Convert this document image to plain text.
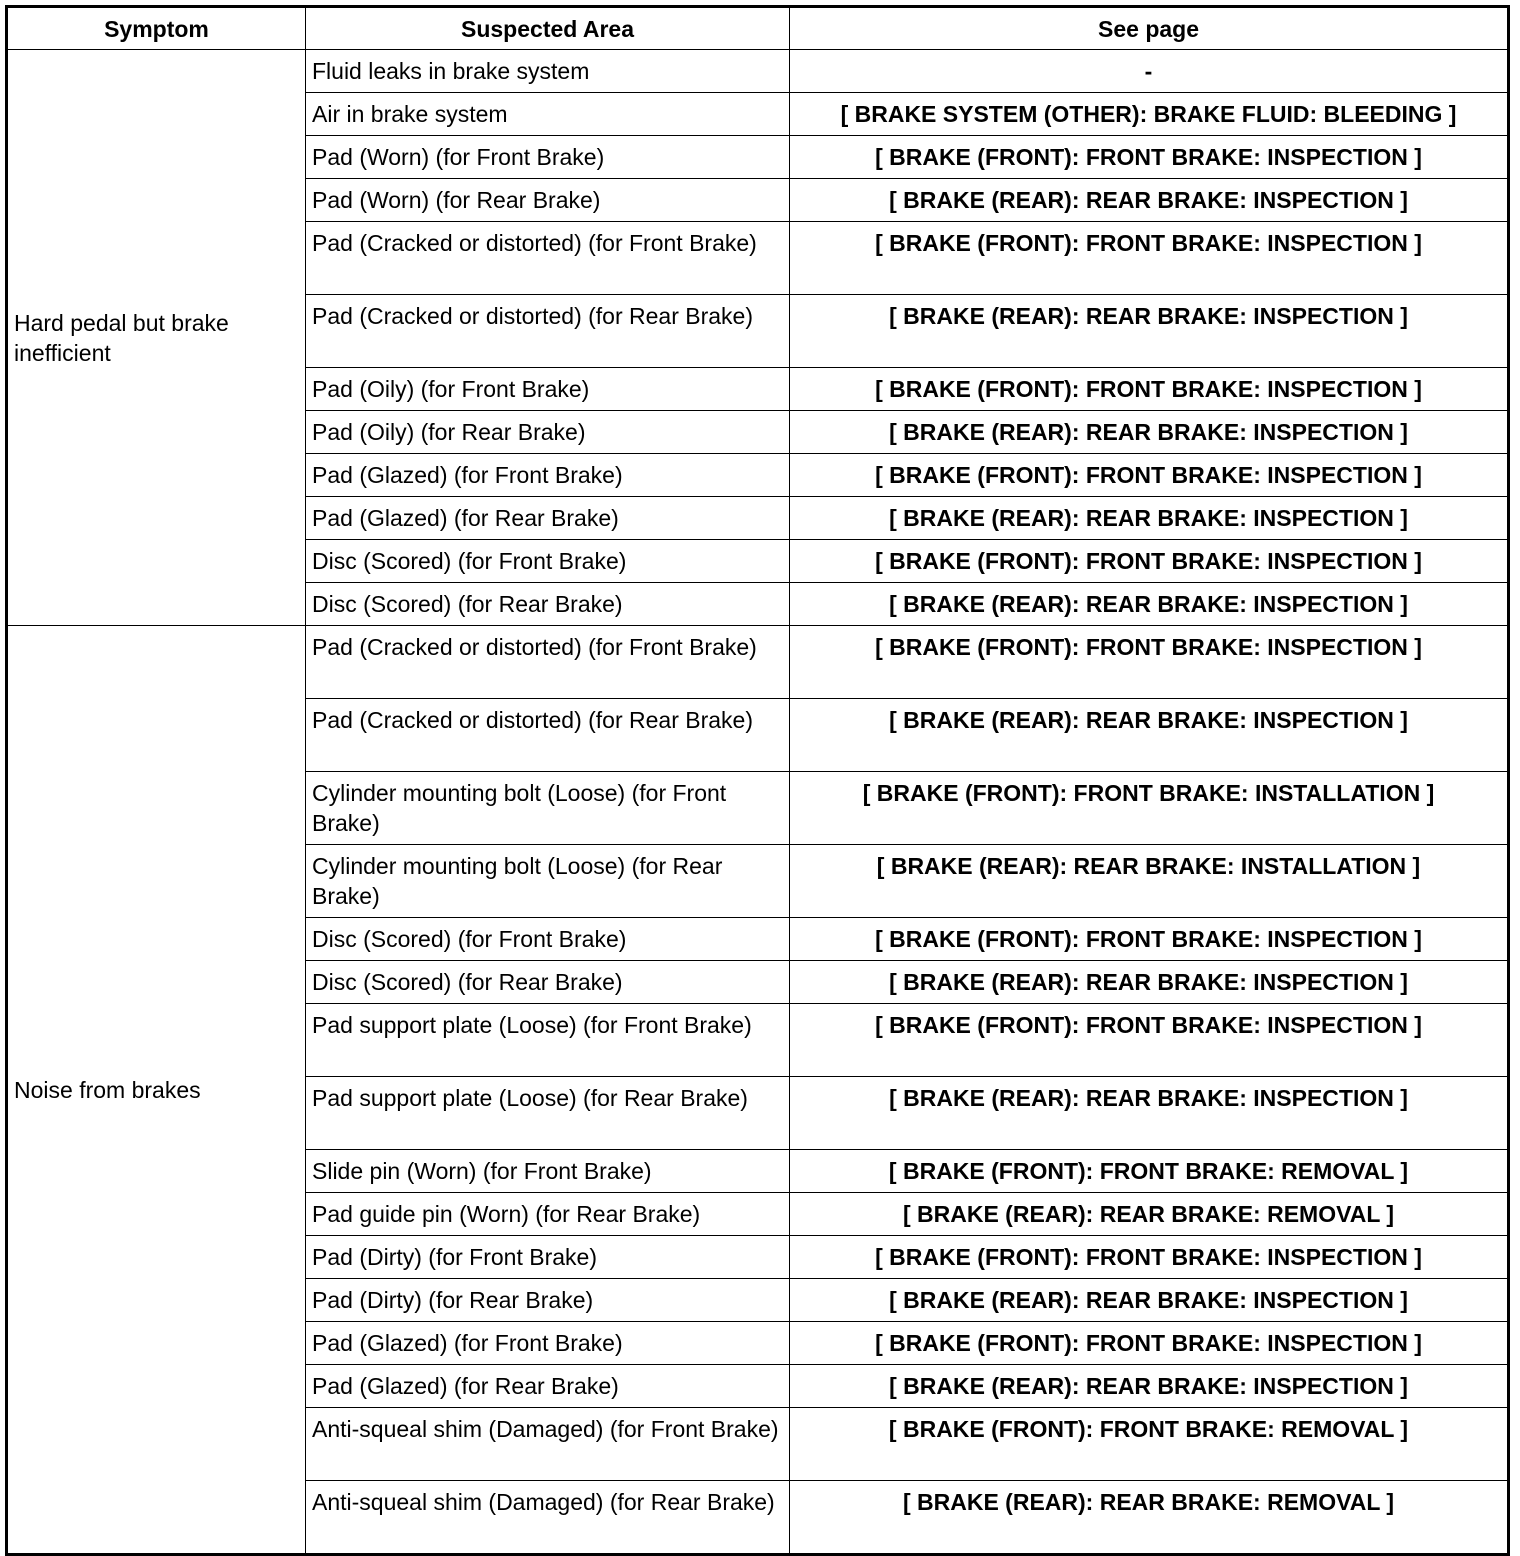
Symptom	Suspected Area	See page
Hard pedal but brake inefficient	Fluid leaks in brake system	-
	Air in brake system	[ BRAKE SYSTEM (OTHER): BRAKE FLUID: BLEEDING ]
	Pad (Worn) (for Front Brake)	[ BRAKE (FRONT): FRONT BRAKE: INSPECTION ]
	Pad (Worn) (for Rear Brake)	[ BRAKE (REAR): REAR BRAKE: INSPECTION ]
	Pad (Cracked or distorted) (for Front Brake)	[ BRAKE (FRONT): FRONT BRAKE: INSPECTION ]
	Pad (Cracked or distorted) (for Rear Brake)	[ BRAKE (REAR): REAR BRAKE: INSPECTION ]
	Pad (Oily) (for Front Brake)	[ BRAKE (FRONT): FRONT BRAKE: INSPECTION ]
	Pad (Oily) (for Rear Brake)	[ BRAKE (REAR): REAR BRAKE: INSPECTION ]
	Pad (Glazed) (for Front Brake)	[ BRAKE (FRONT): FRONT BRAKE: INSPECTION ]
	Pad (Glazed) (for Rear Brake)	[ BRAKE (REAR): REAR BRAKE: INSPECTION ]
	Disc (Scored) (for Front Brake)	[ BRAKE (FRONT): FRONT BRAKE: INSPECTION ]
	Disc (Scored) (for Rear Brake)	[ BRAKE (REAR): REAR BRAKE: INSPECTION ]
Noise from brakes	Pad (Cracked or distorted) (for Front Brake)	[ BRAKE (FRONT): FRONT BRAKE: INSPECTION ]
	Pad (Cracked or distorted) (for Rear Brake)	[ BRAKE (REAR): REAR BRAKE: INSPECTION ]
	Cylinder mounting bolt (Loose) (for Front Brake)	[ BRAKE (FRONT): FRONT BRAKE: INSTALLATION ]
	Cylinder mounting bolt (Loose) (for Rear Brake)	[ BRAKE (REAR): REAR BRAKE: INSTALLATION ]
	Disc (Scored) (for Front Brake)	[ BRAKE (FRONT): FRONT BRAKE: INSPECTION ]
	Disc (Scored) (for Rear Brake)	[ BRAKE (REAR): REAR BRAKE: INSPECTION ]
	Pad support plate (Loose) (for Front Brake)	[ BRAKE (FRONT): FRONT BRAKE: INSPECTION ]
	Pad support plate (Loose) (for Rear Brake)	[ BRAKE (REAR): REAR BRAKE: INSPECTION ]
	Slide pin (Worn) (for Front Brake)	[ BRAKE (FRONT): FRONT BRAKE: REMOVAL ]
	Pad guide pin (Worn) (for Rear Brake)	[ BRAKE (REAR): REAR BRAKE: REMOVAL ]
	Pad (Dirty) (for Front Brake)	[ BRAKE (FRONT): FRONT BRAKE: INSPECTION ]
	Pad (Dirty) (for Rear Brake)	[ BRAKE (REAR): REAR BRAKE: INSPECTION ]
	Pad (Glazed) (for Front Brake)	[ BRAKE (FRONT): FRONT BRAKE: INSPECTION ]
	Pad (Glazed) (for Rear Brake)	[ BRAKE (REAR): REAR BRAKE: INSPECTION ]
	Anti-squeal shim (Damaged) (for Front Brake)	[ BRAKE (FRONT): FRONT BRAKE: REMOVAL ]
	Anti-squeal shim (Damaged) (for Rear Brake)	[ BRAKE (REAR): REAR BRAKE: REMOVAL ]
